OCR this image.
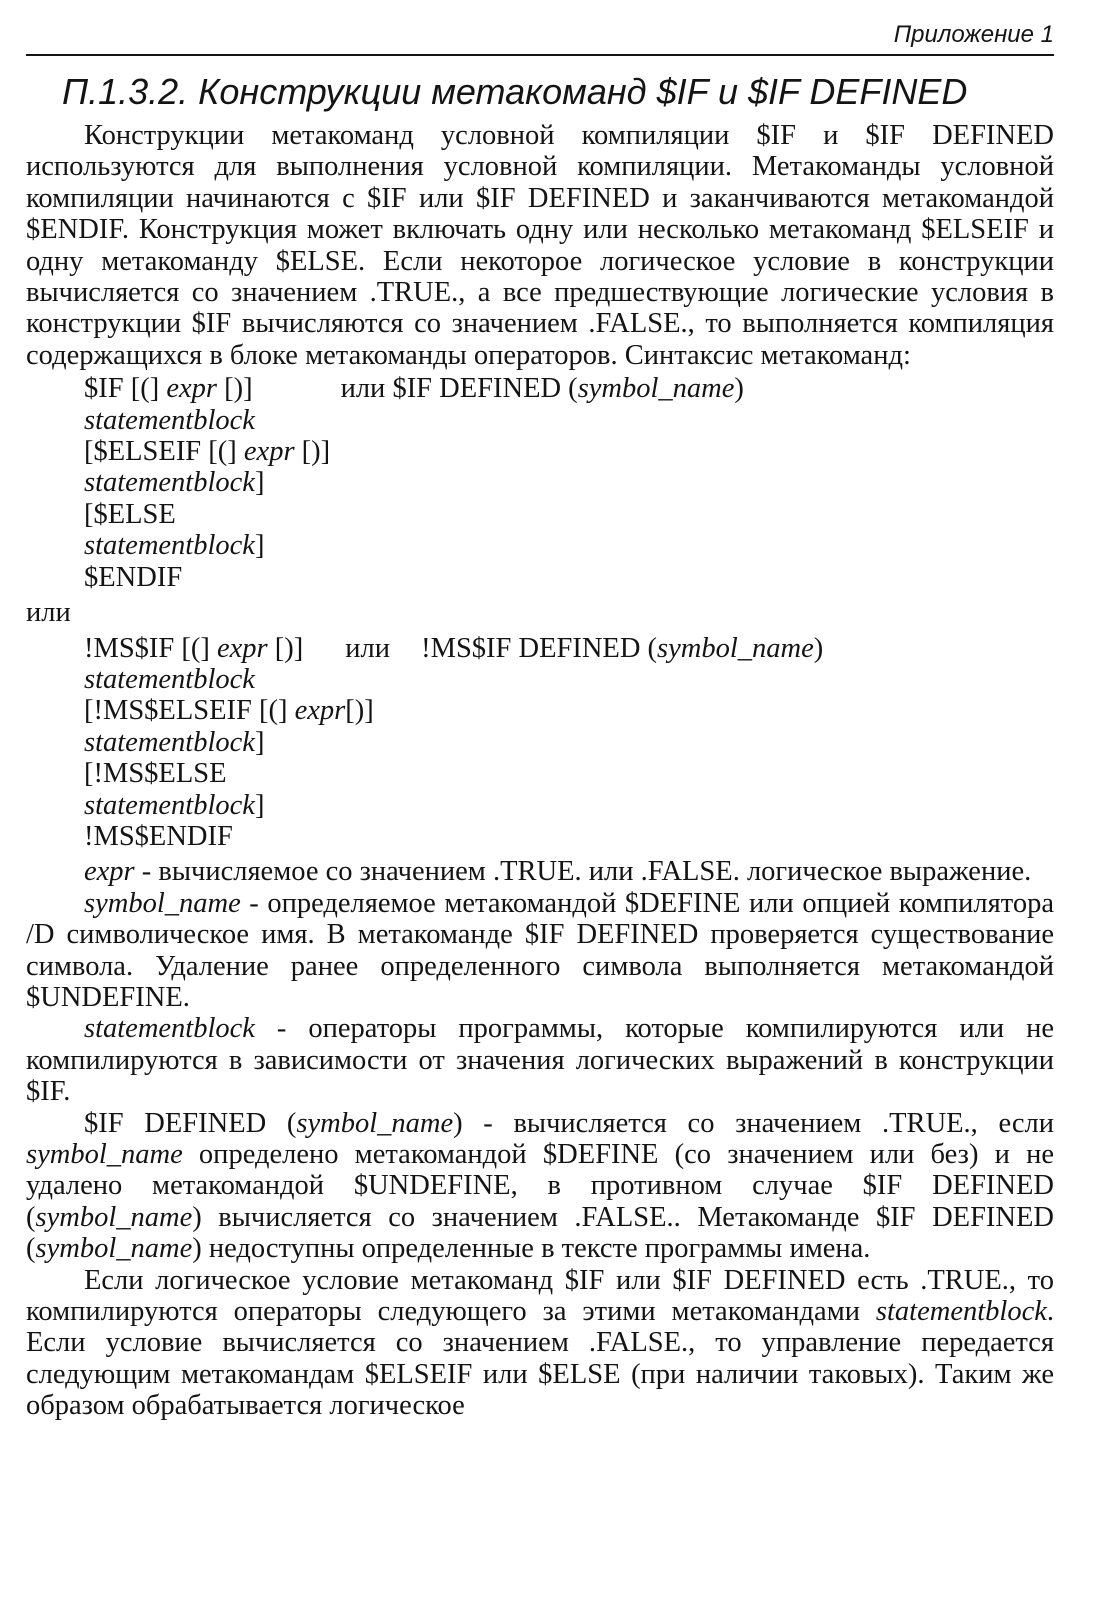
Приложение 1
П.1.3.2. Конструкции метакоманд $IF и $IF DEFINED

Конструкции метакоманд условной компиляции $IF и $IF DEFINED используются для выполнения условной компиляции. Метакоманды условной компиляции начинаются с $IF или $IF DEFINED и заканчиваются метакомандой $ENDIF. Конструкция может включать одну или несколько метакоманд $ELSEIF и одну метакоманду $ELSE. Если некоторое логическое условие в конструкции вычисляется со значением .TRUE., а все предшествующие логические условия в конструкции $IF вычисляются со значением .FALSE., то выполняется компиляция содержащихся в блоке метакоманды операторов. Синтаксис метакоманд:

$IF [(] expr [)]	или $IF DEFINED (symbol_name)
statementblock
[$ELSEIF [(] expr [)]
statementblock]
[$ELSE
statementblock]
$ENDIF
или
!MS$IF [(] expr [)] или !MS$IF DEFINED (symbol_name)
statementblock
[!MS$ELSEIF [(] expr[)]
statementblock]
[!MS$ELSE
statementblock]
!MS$ENDIF

expr - вычисляемое со значением .TRUE. или .FALSE. логическое выражение.

symbol_name - определяемое метакомандой $DEFINE или опцией компилятора /D символическое имя. В метакоманде $IF DEFINED проверяется существование символа. Удаление ранее определенного символа выполняется метакомандой $UNDEFINE.

statementblock - операторы программы, которые компилируются или не компилируются в зависимости от значения логических выражений в конструкции $IF.

$IF DEFINED (symbol_name) - вычисляется со значением .TRUE., если symbol_name определено метакомандой $DEFINE (со значением или без) и не удалено метакомандой $UNDEFINE, в противном случае $IF DEFINED (symbol_name) вычисляется со значением .FALSE.. Метакоманде $IF DEFINED (symbol_name) недоступны определенные в тексте программы имена.

Если логическое условие метакоманд $IF или $IF DEFINED есть .TRUE., то компилируются операторы следующего за этими метакомандами statementblock. Если условие вычисляется со значением .FALSE., то управление передается следующим метакомандам $ELSEIF или $ELSE (при наличии таковых). Таким же образом обрабатывается логическое
